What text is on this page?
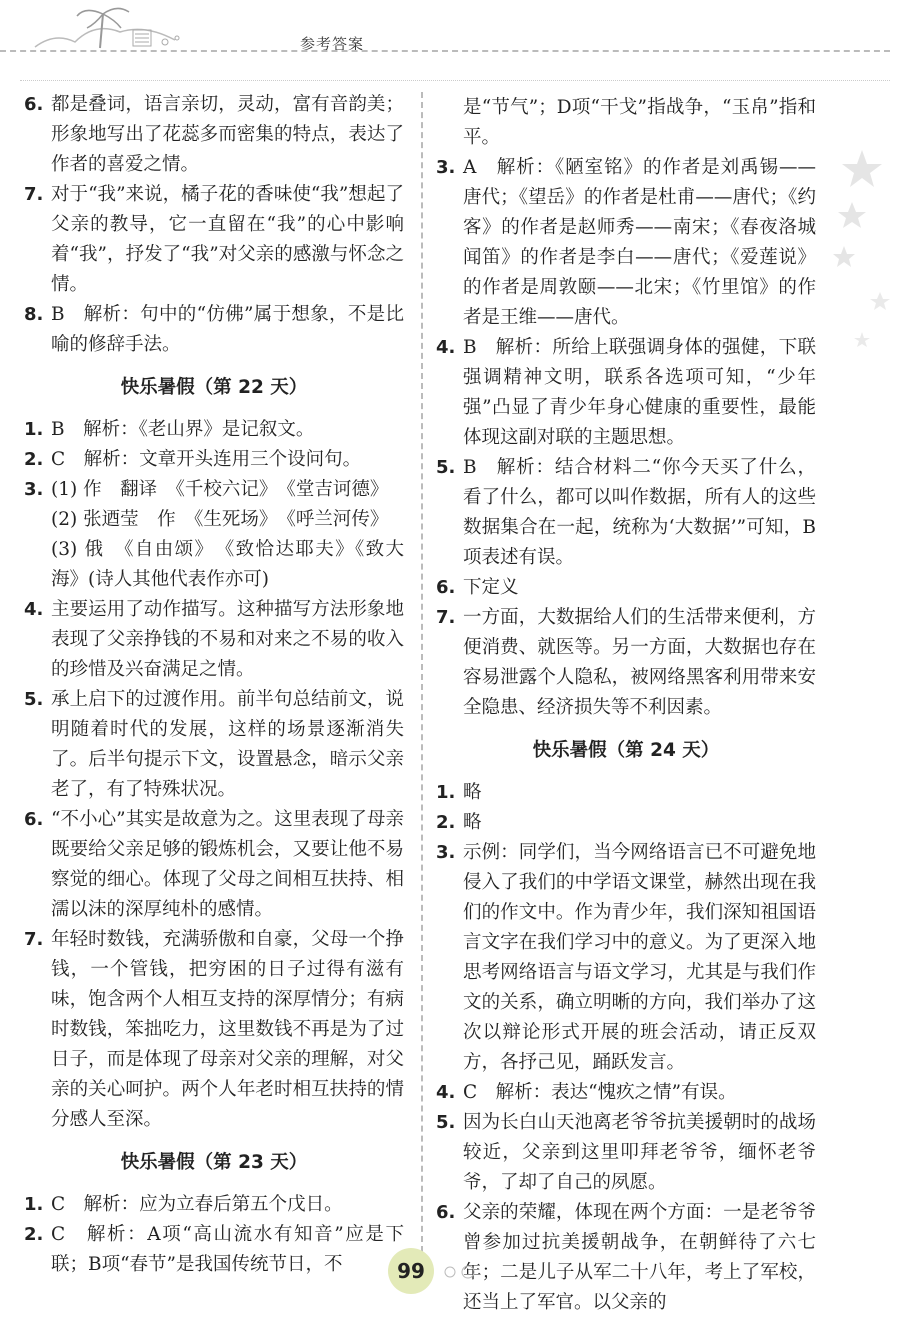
参考答案
6. 都是叠词，语言亲切，灵动，富有音韵美；形象地写出了花蕊多而密集的特点，表达了作者的喜爱之情。
7. 对于“我”来说，橘子花的香味使“我”想起了父亲的教导，它一直留在“我”的心中影响着“我”，抒发了“我”对父亲的感激与怀念之情。
8. B　解析：句中的“仿佛”属于想象，不是比喻的修辞手法。
快乐暑假（第 22 天）
1. B　解析：《老山界》是记叙文。
2. C　解析：文章开头连用三个设问句。
3. (1) 作　翻译　《千校六记》　《堂吉诃德》
(2) 张迺莹　作　《生死场》　《呼兰河传》
(3) 俄　《自由颂》　《致恰达耶夫》《致大海》(诗人其他代表作亦可)
4. 主要运用了动作描写。这种描写方法形象地表现了父亲挣钱的不易和对来之不易的收入的珍惜及兴奋满足之情。
5. 承上启下的过渡作用。前半句总结前文，说明随着时代的发展，这样的场景逐渐消失了。后半句提示下文，设置悬念，暗示父亲老了，有了特殊状况。
6. “不小心”其实是故意为之。这里表现了母亲既要给父亲足够的锻炼机会，又要让他不易察觉的细心。体现了父母之间相互扶持、相濡以沫的深厚纯朴的感情。
7. 年轻时数钱，充满骄傲和自豪，父母一个挣钱，一个管钱，把穷困的日子过得有滋有味，饱含两个人相互支持的深厚情分；有病时数钱，笨拙吃力，这里数钱不再是为了过日子，而是体现了母亲对父亲的理解，对父亲的关心呵护。两个人年老时相互扶持的情分感人至深。
快乐暑假（第 23 天）
1. C　解析：应为立春后第五个戊日。
2. C　解析：A项“高山流水有知音”应是下联；B项“春节”是我国传统节日，不
是“节气”；D项“干戈”指战争，“玉帛”指和平。
3. A　解析：《陋室铭》的作者是刘禹锡——唐代；《望岳》的作者是杜甫——唐代；《约客》的作者是赵师秀——南宋；《春夜洛城闻笛》的作者是李白——唐代；《爱莲说》的作者是周敦颐——北宋；《竹里馆》的作者是王维——唐代。
4. B　解析：所给上联强调身体的强健，下联强调精神文明，联系各选项可知，“少年强”凸显了青少年身心健康的重要性，最能体现这副对联的主题思想。
5. B　解析：结合材料二“你今天买了什么，看了什么，都可以叫作数据，所有人的这些数据集合在一起，统称为‘大数据’”可知，B项表述有误。
6. 下定义
7. 一方面，大数据给人们的生活带来便利，方便消费、就医等。另一方面，大数据也存在容易泄露个人隐私，被网络黑客利用带来安全隐患、经济损失等不利因素。
快乐暑假（第 24 天）
1. 略
2. 略
3. 示例：同学们，当今网络语言已不可避免地侵入了我们的中学语文课堂，赫然出现在我们的作文中。作为青少年，我们深知祖国语言文字在我们学习中的意义。为了更深入地思考网络语言与语文学习，尤其是与我们作文的关系，确立明晰的方向，我们举办了这次以辩论形式开展的班会活动，请正反双方，各抒己见，踊跃发言。
4. C　解析：表达“愧疚之情”有误。
5. 因为长白山天池离老爷爷抗美援朝时的战场较近，父亲到这里叩拜老爷爷，缅怀老爷爷，了却了自己的夙愿。
6. 父亲的荣耀，体现在两个方面：一是老爷爷曾参加过抗美援朝战争，在朝鲜待了六七年；二是儿子从军二十八年，考上了军校，还当上了军官。以父亲的
99
